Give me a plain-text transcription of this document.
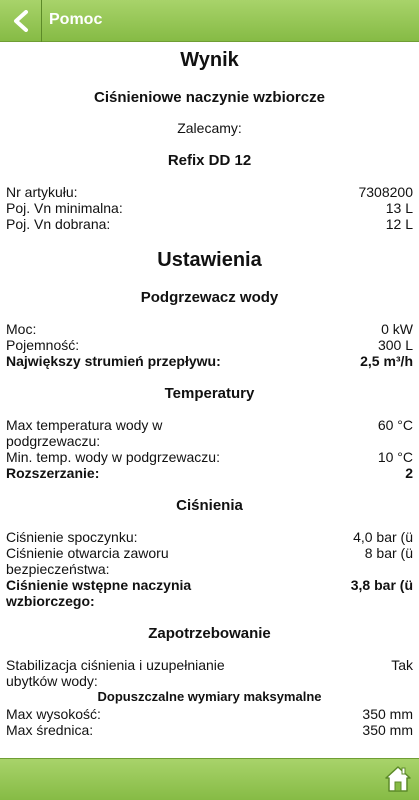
Pomoc
Wynik
Ciśnieniowe naczynie wzbiorcze
Zalecamy:
Refix DD 12
Nr artykułu:	7308200
Poj. Vn minimalna:	13 L
Poj. Vn dobrana:	12 L
Ustawienia
Podgrzewacz wody
Moc:	0 kW
Pojemność:	300 L
Największy strumień przepływu:	2,5 m³/h
Temperatury
Max temperatura wody w podgrzewaczu:
60 °C
Min. temp. wody w podgrzewaczu:	10 °C
Rozszerzanie:	2
Ciśnienia
Ciśnienie spoczynku:	4,0 bar (ü
Ciśnienie otwarcia zaworu bezpieczeństwa:
8 bar (ü
Ciśnienie wstępne naczynia wzbiorczego:
3,8 bar (ü
Zapotrzebowanie
Stabilizacja ciśnienia i uzupełnianie ubytków wody:
Tak
Dopuszczalne wymiary maksymalne
Max wysokość:	350 mm
Max średnica:	350 mm
